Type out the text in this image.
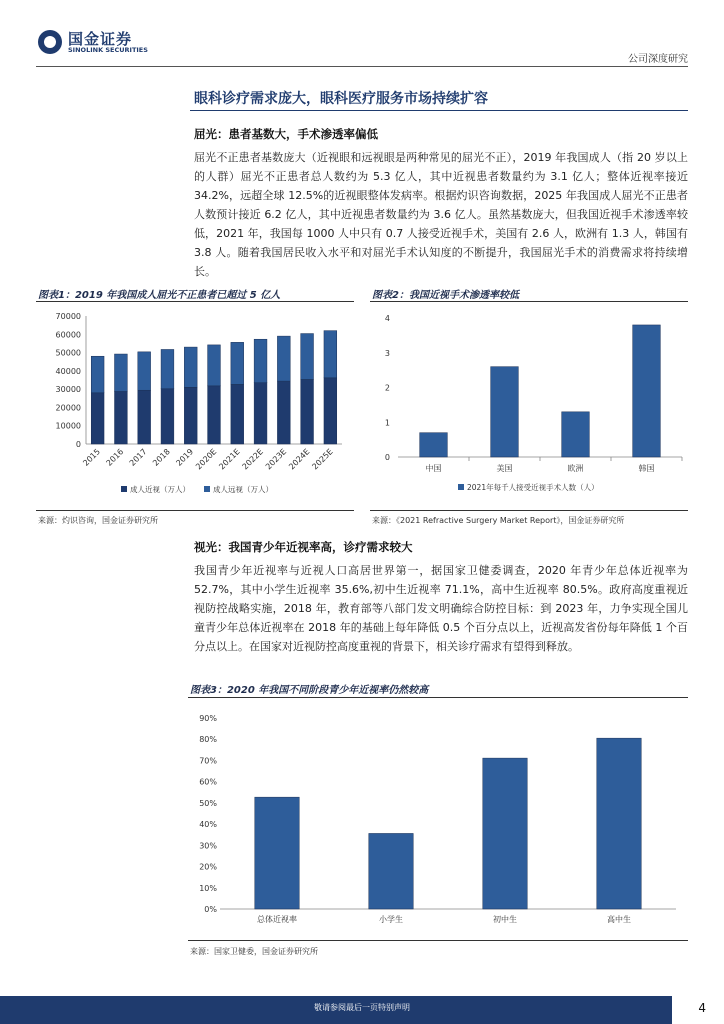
国金证券
SINOLINK SECURITIES
公司深度研究
眼科诊疗需求庞大，眼科医疗服务市场持续扩容
屈光：患者基数大，手术渗透率偏低
屈光不正患者基数庞大（近视眼和远视眼是两种常见的屈光不正），2019 年我国成人（指 20 岁以上的人群）屈光不正患者总人数约为 5.3 亿人，其中近视患者数量约为 3.1 亿人；整体近视率接近 34.2%，远超全球 12.5%的近视眼整体发病率。根据灼识咨询数据，2025 年我国成人屈光不正患者人数预计接近 6.2 亿人，其中近视患者数量约为 3.6 亿人。虽然基数庞大，但我国近视手术渗透率较低，2021 年，我国每 1000 人中只有 0.7 人接受近视手术，美国有 2.6 人，欧洲有 1.3 人，韩国有 3.8 人。随着我国居民收入水平和对屈光手术认知度的不断提升，我国屈光手术的消费需求将持续增长。
图表1：2019 年我国成人屈光不正患者已超过 5 亿人
0
10000
20000
30000
40000
50000
60000
70000
2015 2016 2017 2018 2019
2020E
2021E
2022E
2023E
2024E
2025E
成人近视（万人）	成人远视（万人）
来源：灼识咨询，国金证券研究所
图表2：我国近视手术渗透率较低
0
1
2
3
4
中国	美国	欧洲	韩国
2021年每千人接受近视手术人数（人）
来源：《2021 Refractive Surgery Market Report》，国金证券研究所
视光：我国青少年近视率高，诊疗需求较大
我国青少年近视率与近视人口高居世界第一，据国家卫健委调查，2020 年青少年总体近视率为 52.7%，其中小学生近视率 35.6%,初中生近视率 71.1%，高中生近视率 80.5%。政府高度重视近视防控战略实施，2018 年，教育部等八部门发文明确综合防控目标：到 2023 年，力争实现全国儿童青少年总体近视率在 2018 年的基础上每年降低 0.5 个百分点以上，近视高发省份每年降低 1 个百分点以上。在国家对近视防控高度重视的背景下，相关诊疗需求有望得到释放。
图表3：2020 年我国不同阶段青少年近视率仍然较高
0%
10%
20%
30%
40%
50%
60%
70%
80%
90%
总体近视率	小学生	初中生	高中生
来源：国家卫健委，国金证券研究所
敬请参阅最后一页特别声明	4
